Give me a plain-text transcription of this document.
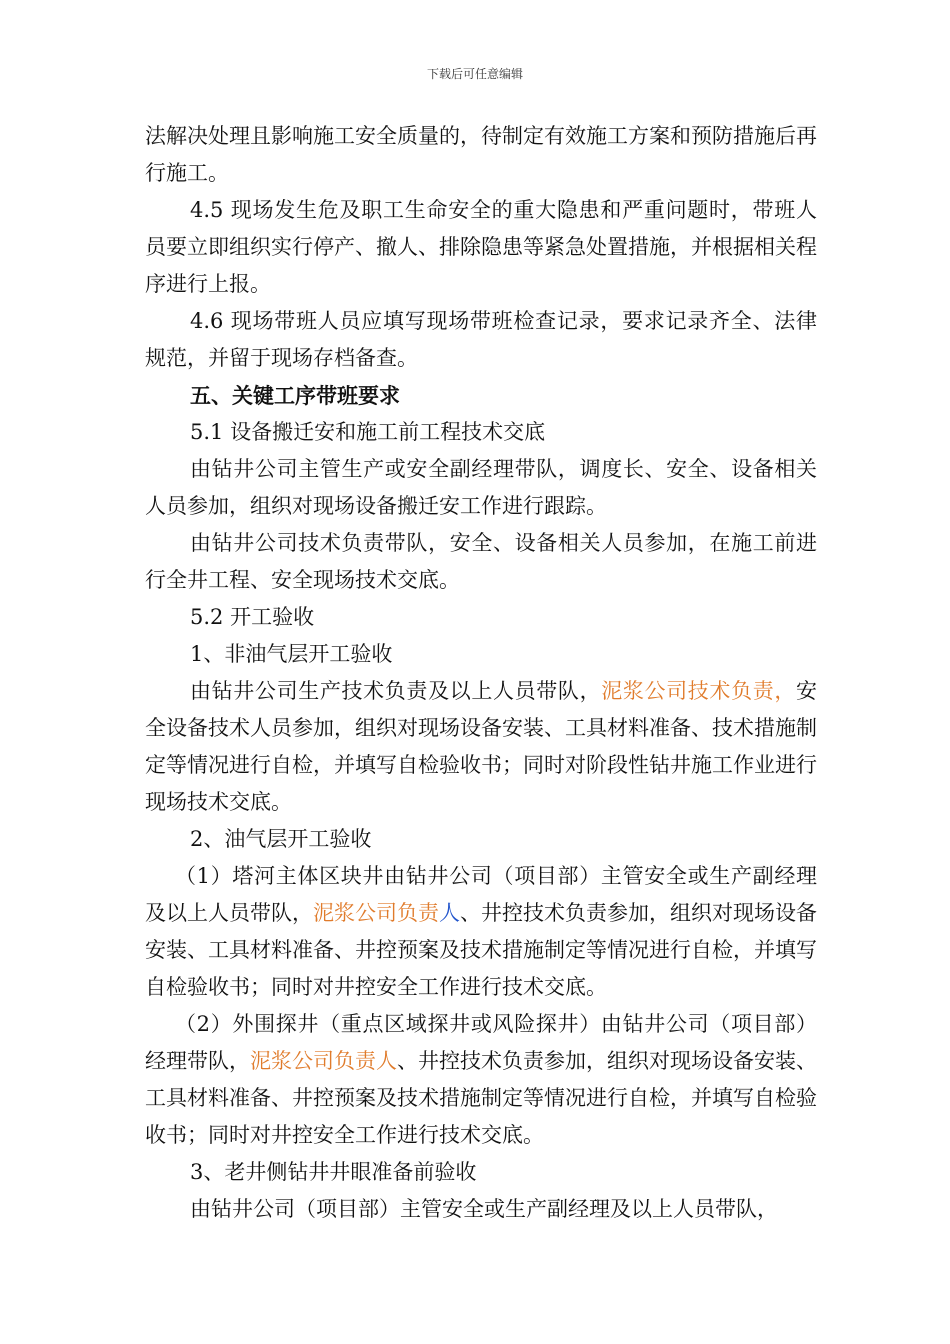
下载后可任意编辑

法解决处理且影响施工安全质量的，待制定有效施工方案和预防措施后再行施工。

4.5 现场发生危及职工生命安全的重大隐患和严重问题时，带班人员要立即组织实行停产、撤人、排除隐患等紧急处置措施，并根据相关程序进行上报。

4.6 现场带班人员应填写现场带班检查记录，要求记录齐全、法律规范，并留于现场存档备查。

五、关键工序带班要求

5.1 设备搬迁安和施工前工程技术交底

由钻井公司主管生产或安全副经理带队，调度长、安全、设备相关人员参加，组织对现场设备搬迁安工作进行跟踪。

由钻井公司技术负责带队，安全、设备相关人员参加，在施工前进行全井工程、安全现场技术交底。

5.2 开工验收

1、非油气层开工验收

由钻井公司生产技术负责及以上人员带队，泥浆公司技术负责，安全设备技术人员参加，组织对现场设备安装、工具材料准备、技术措施制定等情况进行自检，并填写自检验收书；同时对阶段性钻井施工作业进行现场技术交底。

2、油气层开工验收

（1）塔河主体区块井由钻井公司（项目部）主管安全或生产副经理及以上人员带队，泥浆公司负责人、井控技术负责参加，组织对现场设备安装、工具材料准备、井控预案及技术措施制定等情况进行自检，并填写自检验收书；同时对井控安全工作进行技术交底。

（2）外围探井（重点区域探井或风险探井）由钻井公司（项目部）经理带队，泥浆公司负责人、井控技术负责参加，组织对现场设备安装、工具材料准备、井控预案及技术措施制定等情况进行自检，并填写自检验收书；同时对井控安全工作进行技术交底。

3、老井侧钻井井眼准备前验收

由钻井公司（项目部）主管安全或生产副经理及以上人员带队，
